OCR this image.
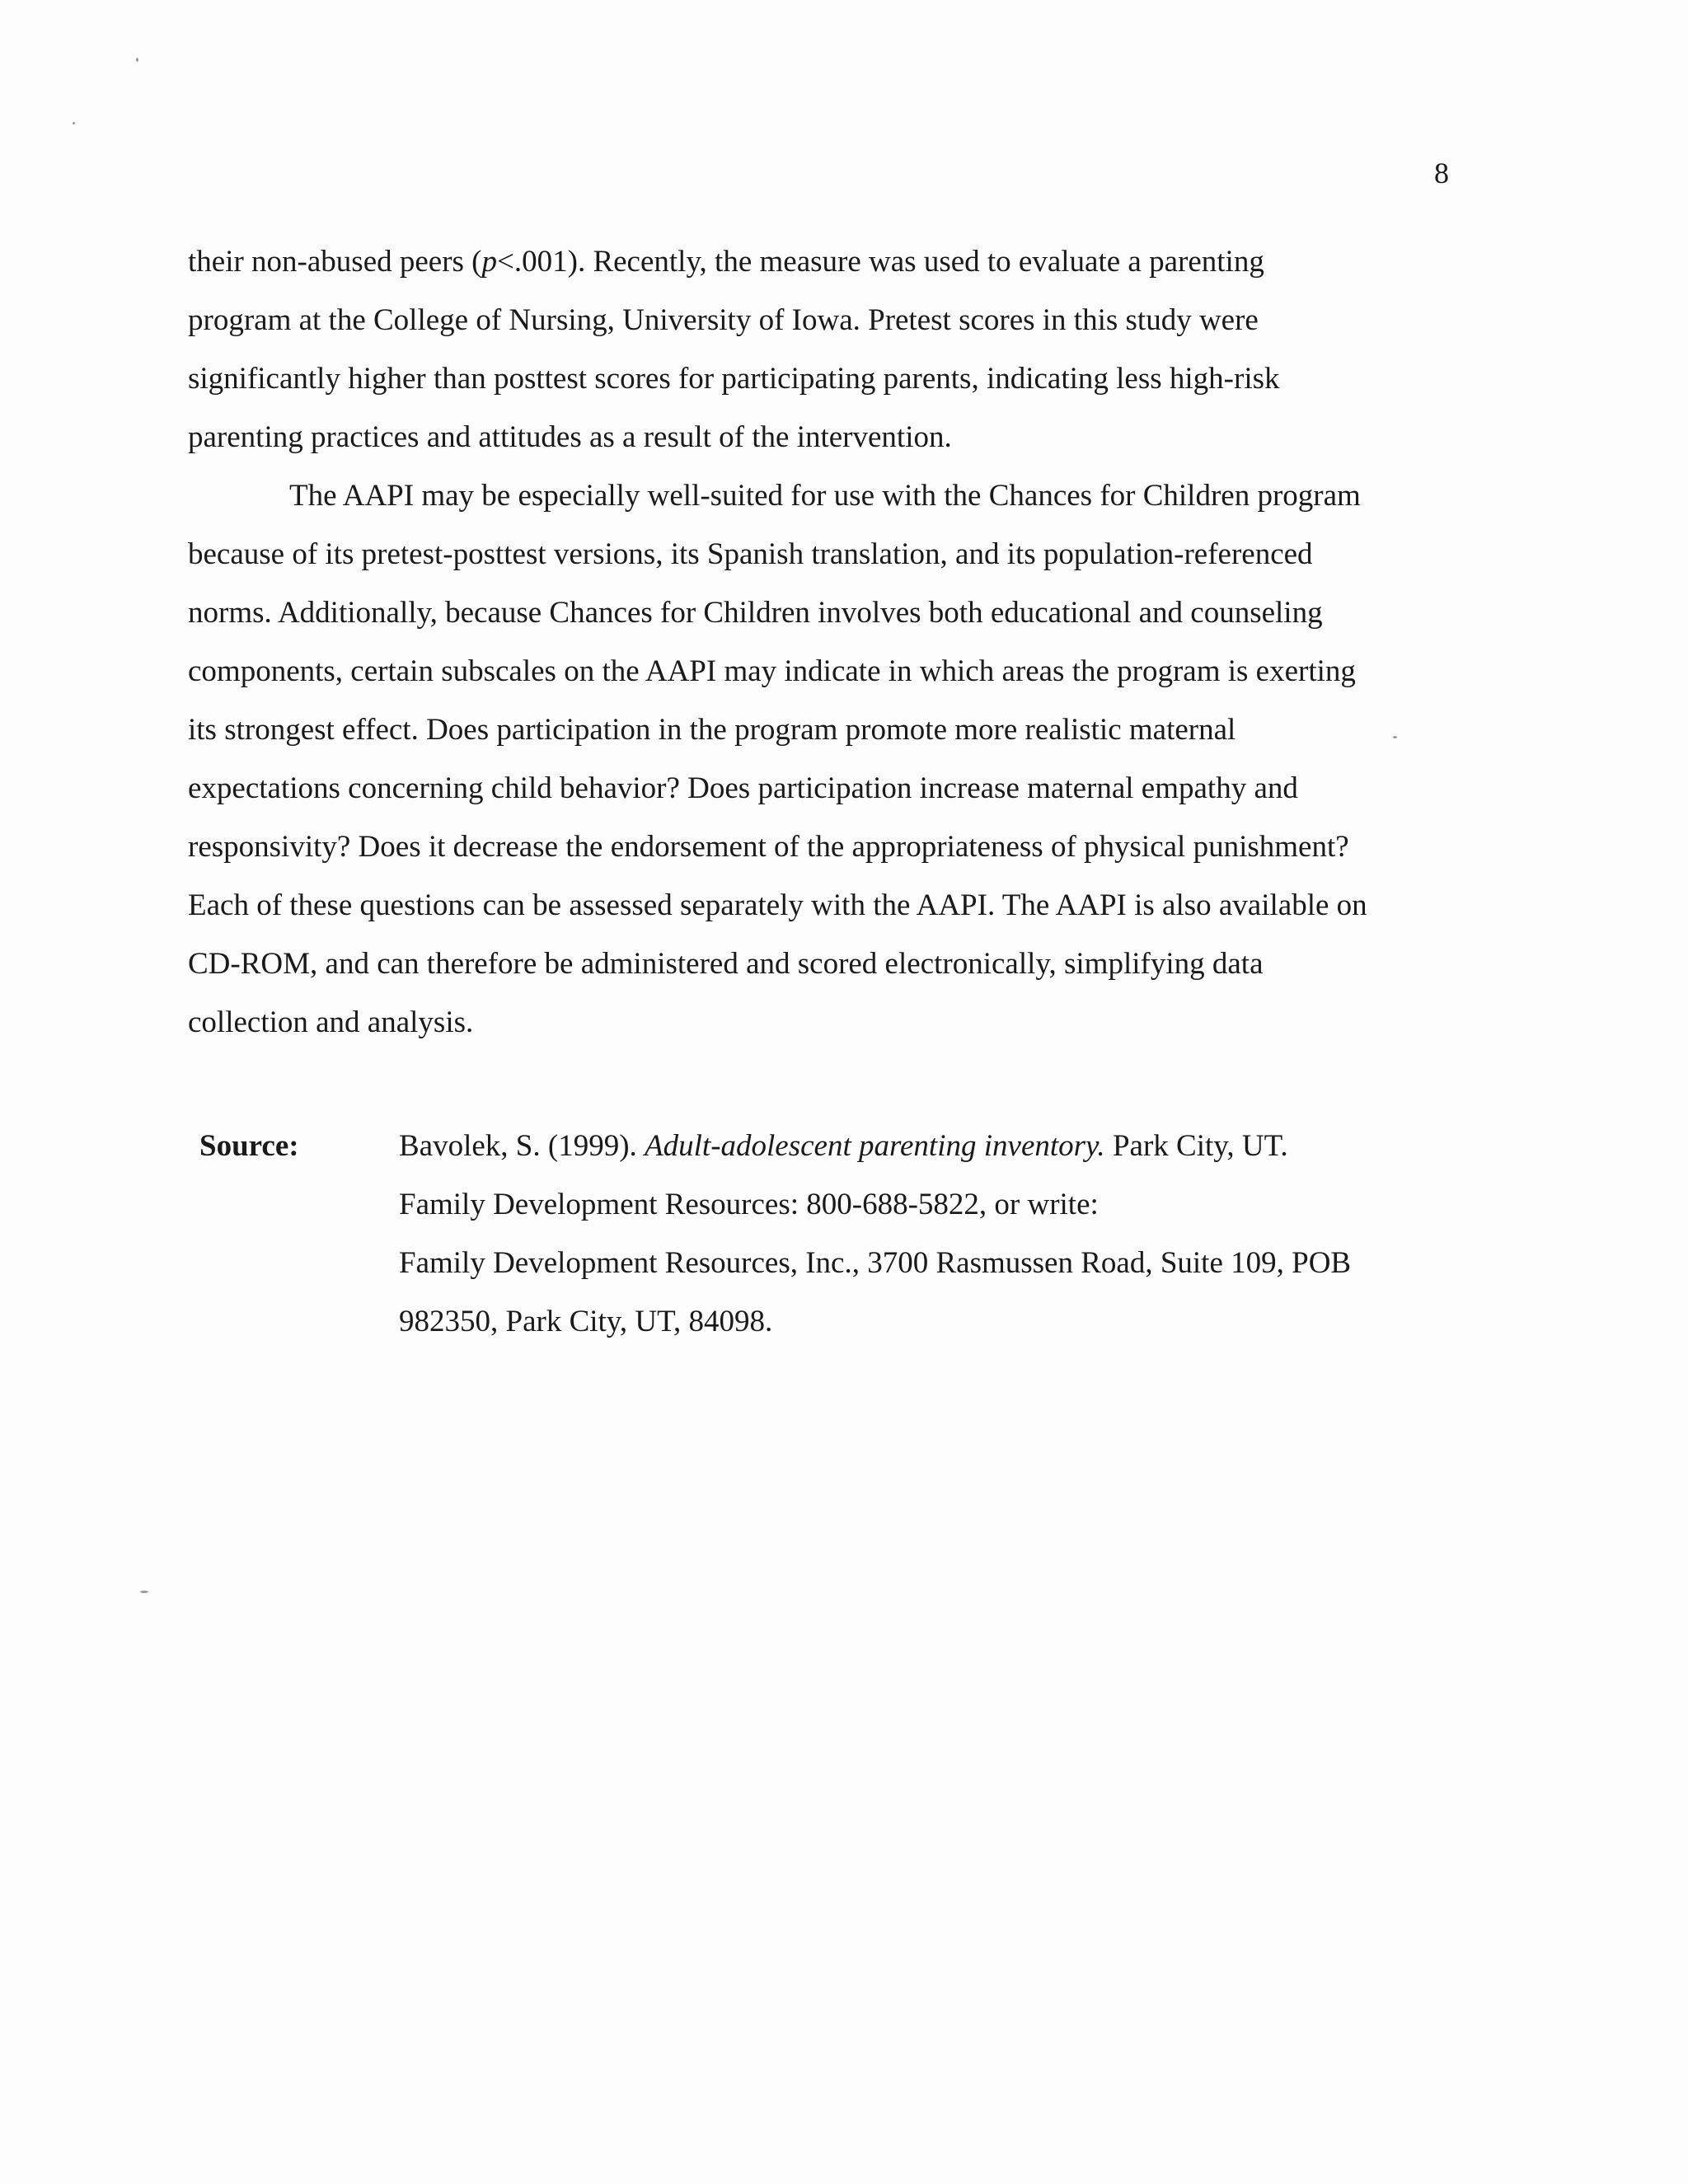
8
their non-abused peers (p<.001). Recently, the measure was used to evaluate a parenting
program at the College of Nursing, University of Iowa. Pretest scores in this study were
significantly higher than posttest scores for participating parents, indicating less high-risk
parenting practices and attitudes as a result of the intervention.
The AAPI may be especially well-suited for use with the Chances for Children program
because of its pretest-posttest versions, its Spanish translation, and its population-referenced
norms. Additionally, because Chances for Children involves both educational and counseling
components, certain subscales on the AAPI may indicate in which areas the program is exerting
its strongest effect. Does participation in the program promote more realistic maternal
expectations concerning child behavior? Does participation increase maternal empathy and
responsivity? Does it decrease the endorsement of the appropriateness of physical punishment?
Each of these questions can be assessed separately with the AAPI. The AAPI is also available on
CD-ROM, and can therefore be administered and scored electronically, simplifying data
collection and analysis.
Source:	Bavolek, S. (1999). Adult-adolescent parenting inventory. Park City, UT.
Family Development Resources: 800-688-5822, or write:
Family Development Resources, Inc., 3700 Rasmussen Road, Suite 109, POB
982350, Park City, UT, 84098.
